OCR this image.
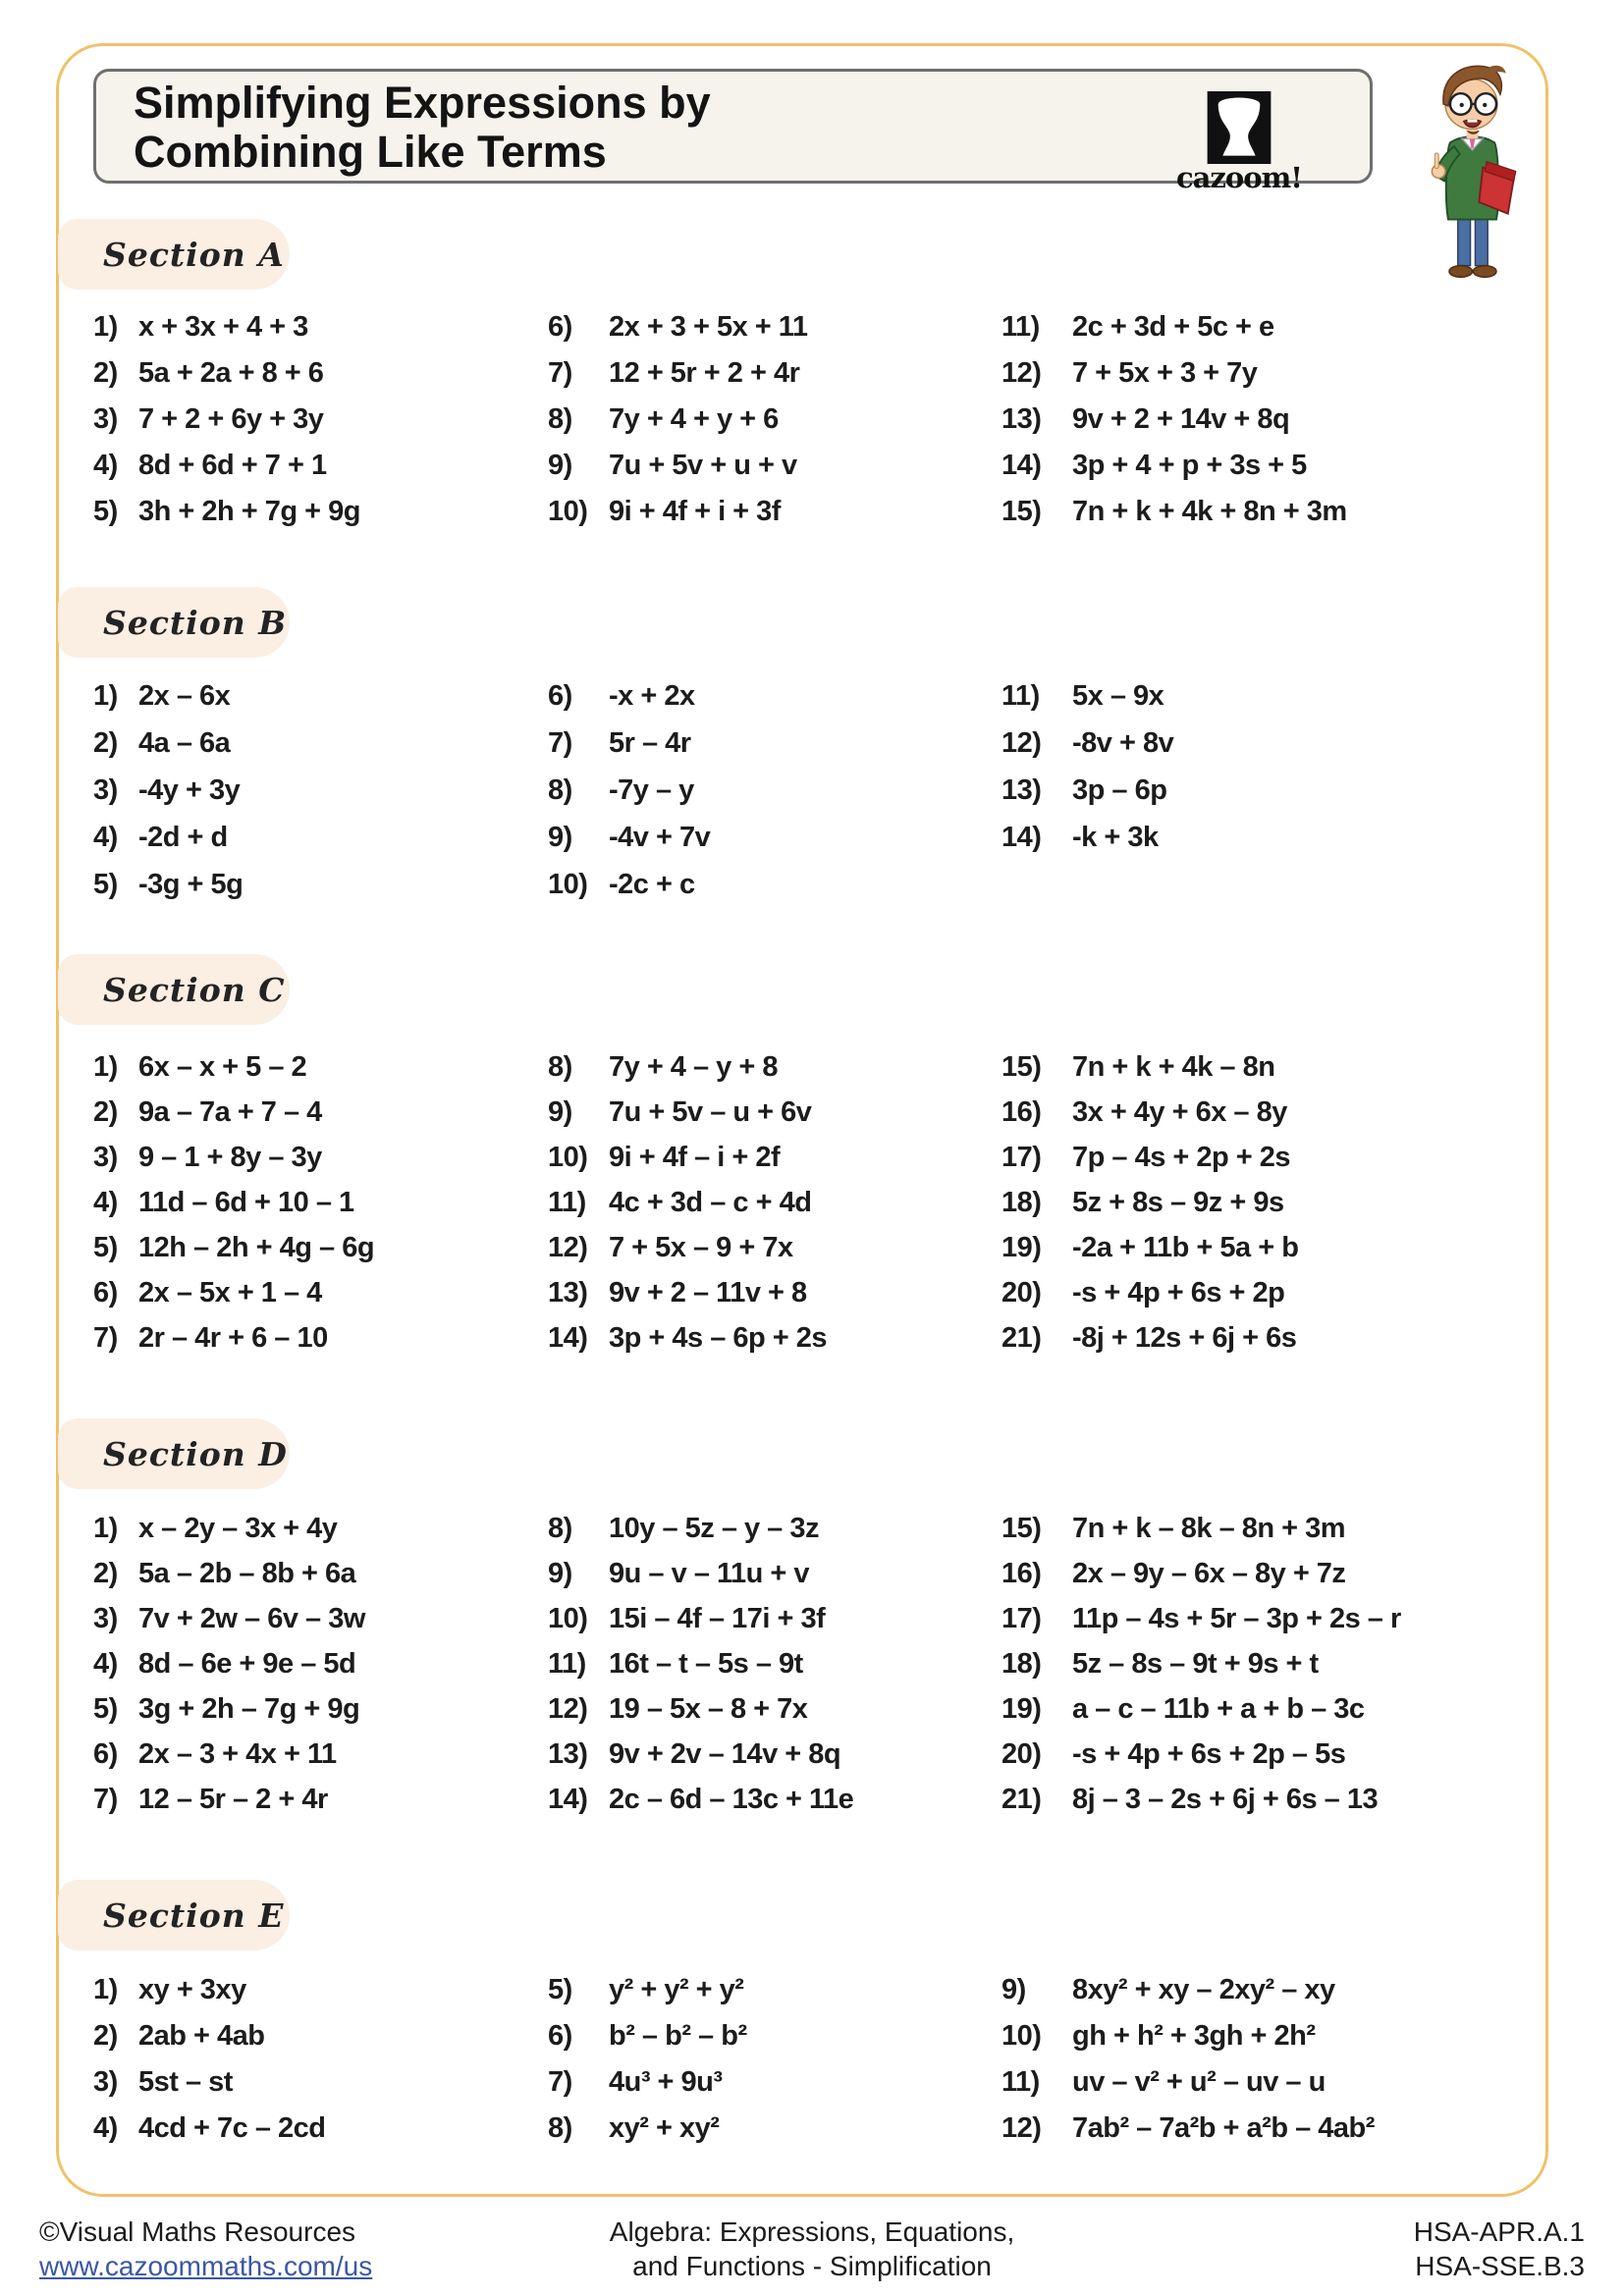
Simplifying Expressions by
Combining Like Terms
cazoom!
Section A
1) x + 3x + 4 + 3
2) 5a + 2a + 8 + 6
3) 7 + 2 + 6y + 3y
4) 8d + 6d + 7 + 1
5) 3h + 2h + 7g + 9g
6)	2x + 3 + 5x + 11
7)	12 + 5r + 2 + 4r
8)	7y + 4 + y + 6
9)	7u + 5v + u + v
10) 9i + 4f + i + 3f
11)	2c + 3d + 5c + e
12)	7 + 5x + 3 + 7y
13)	9v + 2 + 14v + 8q
14)	3p + 4 + p + 3s + 5
15)	7n + k + 4k + 8n + 3m
Section B
1) 2x – 6x
2) 4a – 6a
3) -4y + 3y
4) -2d + d
5) -3g + 5g
6)	-x + 2x
7)	5r – 4r
8)	-7y – y
9)	-4v + 7v
10) -2c + c
11)	5x – 9x
12)	-8v + 8v
13)	3p – 6p
14)	-k + 3k
Section C
1) 6x – x + 5 – 2
2) 9a – 7a + 7 – 4
3) 9 – 1 + 8y – 3y
4) 11d – 6d + 10 – 1
5) 12h – 2h + 4g – 6g
6) 2x – 5x + 1 – 4
7) 2r – 4r + 6 – 10
8)	7y + 4 – y + 8
9)	7u + 5v – u + 6v
10) 9i + 4f – i + 2f
11) 4c + 3d – c + 4d
12) 7 + 5x – 9 + 7x
13) 9v + 2 – 11v + 8
14) 3p + 4s – 6p + 2s
15)	7n + k + 4k – 8n
16)	3x + 4y + 6x – 8y
17)	7p – 4s + 2p + 2s
18)	5z + 8s – 9z + 9s
19)	-2a + 11b + 5a + b
20)	-s + 4p + 6s + 2p
21)	-8j + 12s + 6j + 6s
Section D
1) x – 2y – 3x + 4y
2) 5a – 2b – 8b + 6a
3) 7v + 2w – 6v – 3w
4) 8d – 6e + 9e – 5d
5) 3g + 2h – 7g + 9g
6) 2x – 3 + 4x + 11
7) 12 – 5r – 2 + 4r
8)	10y – 5z – y – 3z
9)	9u – v – 11u + v
10) 15i – 4f – 17i + 3f
11) 16t – t – 5s – 9t
12) 19 – 5x – 8 + 7x
13) 9v + 2v – 14v + 8q
14) 2c – 6d – 13c + 11e
15)	7n + k – 8k – 8n + 3m
16)	2x – 9y – 6x – 8y + 7z
17)	11p – 4s + 5r – 3p + 2s – r
18)	5z – 8s – 9t + 9s + t
19)	a – c – 11b + a + b – 3c
20)	-s + 4p + 6s + 2p – 5s
21)	8j – 3 – 2s + 6j + 6s – 13
Section E
1) xy + 3xy
2) 2ab + 4ab
3) 5st – st
4) 4cd + 7c – 2cd
5)	y² + y² + y²
6)	b² – b² – b²
7)	4u³ + 9u³
8)	xy² + xy²
9)	8xy² + xy – 2xy² – xy
10)	gh + h² + 3gh + 2h²
11)	uv – v² + u² – uv – u
12)	7ab² – 7a²b + a²b – 4ab²
Algebra: Expressions, Equations,
and Functions - Simplification
©Visual Maths Resources
www.cazoommaths.com/us
HSA-APR.A.1
HSA-SSE.B.3
